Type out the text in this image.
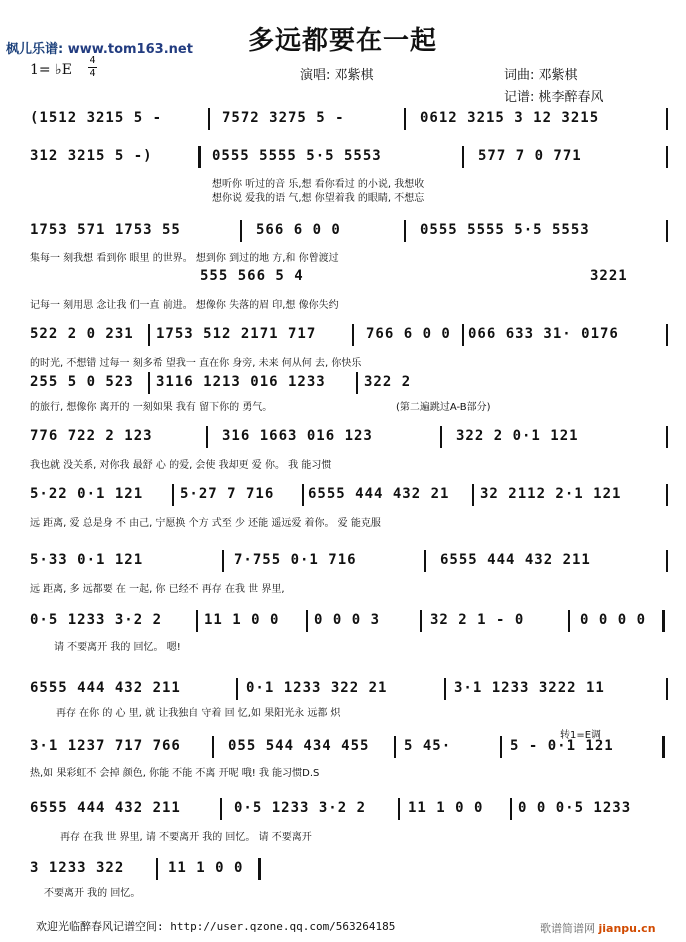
枫儿乐谱: www.tom163.net 多远都要在一起
1= ♭E
4
4	演唱: 邓紫棋	词曲: 邓紫棋
记谱: 桃李醉春风
(1512 3215 5 -	7572 3275 5 -	0612 3215 3 12 3215
312 3215 5 -)	0555 5555 5·5 5553	577 7 0 771
想听你 听过的音 乐,想 看你看过 的小说, 我想收
想你说 爱我的语 气,想 你望着我 的眼睛, 不想忘
1753 571 1753 55	566 6 0 0	0555 5555 5·5 5553
集每一 刻我想 看到你 眼里 的世界。 想到你 到过的地 方,和 你曾渡过
555 566 5 4	3221
记每一 刻用思 念让我 们一直 前进。 想像你 失落的眉 印,想 像你失约
522 2 0 231 1753 512 2171 717	766 6 0 0 066 633 31· 0176
的时光, 不想错 过每一 刻多希 望我一 直在你 身旁, 未来 何从何 去, 你快乐
255 5 0 523 3116 1213 016 1233	322 2
的旅行, 想像你 离开的 一刻如果 我有 留下你的 勇气。	(第二遍跳过A-B部分)
776 722 2 123	316 1663 016 123	322 2 0·1 121
我也就 没关系, 对你我 最舒 心 的爱, 会使 我却更 爱 你。 我 能习惯
5·22 0·1 121	5·27 7 716 6555 444 432 21 32 2112 2·1 121
远 距离, 爱 总是身 不 由己, 宁愿换 个方 式至 少 还能 遥远爱 着你。 爱 能克服
5·33 0·1 121	7·755 0·1 716	6555 444 432 211
远 距离, 多 远都要 在 一起, 你 已经不 再存 在我 世 界里,
0·5 1233 3·2 2	11 1 0 0 0 0 0 3	32 2 1 - 0	0 0 0 0
请 不要离开 我的 回忆。 嗯!
6555 444 432 211	0·1 1233 322 21	3·1 1233 3222 11
再存 在你 的 心 里, 就 让我独自 守着 回 忆,如 果阳光永 远都 炽
3·1 1237 717 766	055 544 434 455 5 45·	5 - 0·1 121
热,如 果彩虹不 会掉 颜色, 你能 不能 不离 开呢 哦! 我 能习惯D.S
转1=E调
6555 444 432 211	0·5 1233 3·2 2	11 1 0 0 0 0 0·5 1233
再存 在我 世 界里, 请 不要离开 我的 回忆。 请 不要离开
3 1233 322	11 1 0 0
不要离开 我的 回忆。
欢迎光临醉春风记谱空间: http://user.qzone.qq.com/563264185	歌谱简谱网 jianpu.cn
